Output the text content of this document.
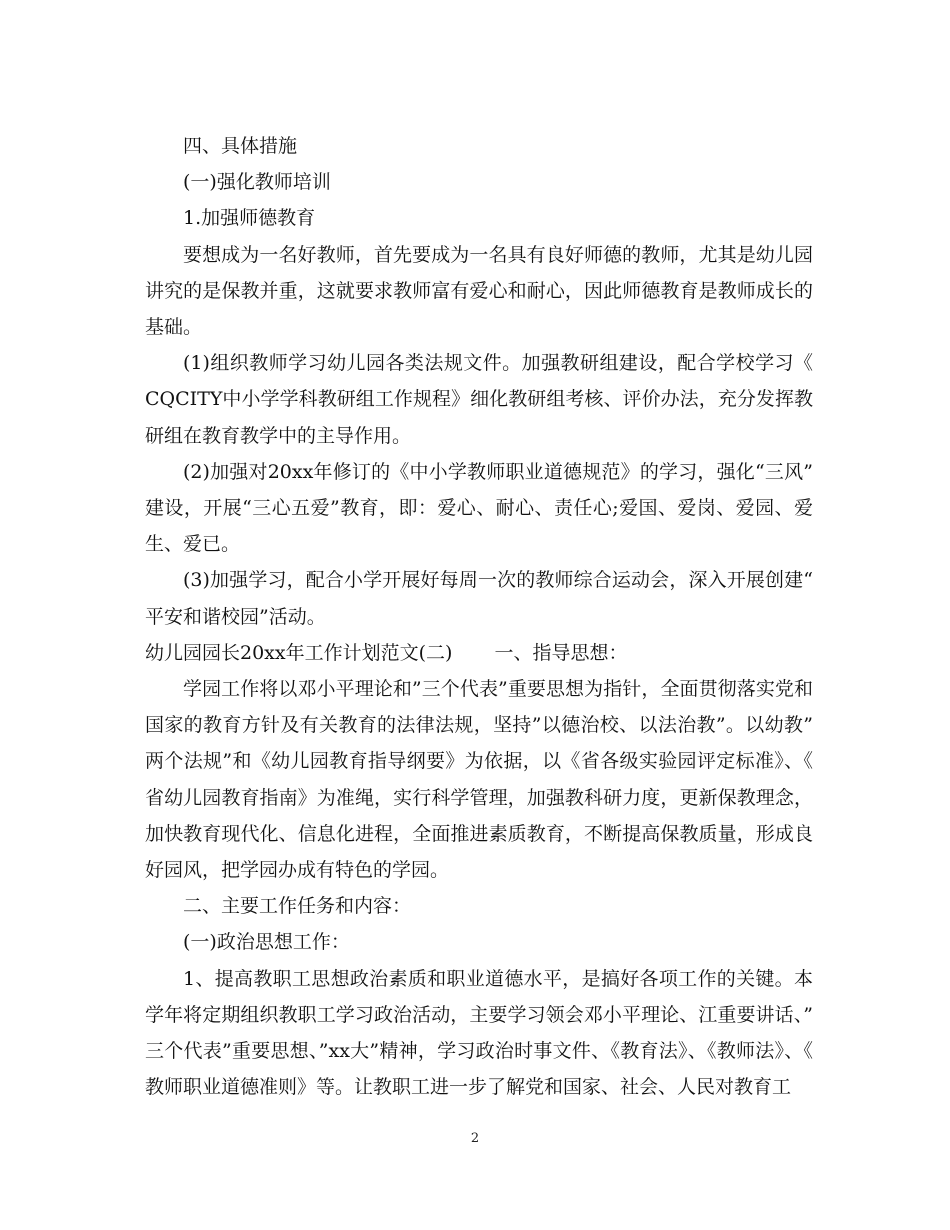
四、具体措施

(一)强化教师培训

1.加强师德教育

要想成为一名好教师，首先要成为一名具有良好师德的教师，尤其是幼儿园讲究的是保教并重，这就要求教师富有爱心和耐心，因此师德教育是教师成长的基础。

(1)组织教师学习幼儿园各类法规文件。加强教研组建设，配合学校学习《CQCITY中小学学科教研组工作规程》细化教研组考核、评价办法，充分发挥教研组在教育教学中的主导作用。

(2)加强对20xx年修订的《中小学教师职业道德规范》的学习，强化“三风”建设，开展“三心五爱”教育，即：爱心、耐心、责任心;爱国、爱岗、爱园、爱生、爱已。

(3)加强学习，配合小学开展好每周一次的教师综合运动会，深入开展创建“平安和谐校园”活动。

幼儿园园长20xx年工作计划范文(二) 一、指导思想：

学园工作将以邓小平理论和”三个代表”重要思想为指针，全面贯彻落实党和国家的教育方针及有关教育的法律法规，坚持”以德治校、以法治教”。以幼教”两个法规”和《幼儿园教育指导纲要》为依据，以《省各级实验园评定标准》、《省幼儿园教育指南》为准绳，实行科学管理，加强教科研力度，更新保教理念，加快教育现代化、信息化进程，全面推进素质教育，不断提高保教质量，形成良好园风，把学园办成有特色的学园。

二、主要工作任务和内容：

(一)政治思想工作：

1、提高教职工思想政治素质和职业道德水平，是搞好各项工作的关键。本学年将定期组织教职工学习政治活动，主要学习领会邓小平理论、江重要讲话、”三个代表”重要思想、”xx大”精神，学习政治时事文件、《教育法》、《教师法》、《教师职业道德准则》等。让教职工进一步了解党和国家、社会、人民对教育工

2
